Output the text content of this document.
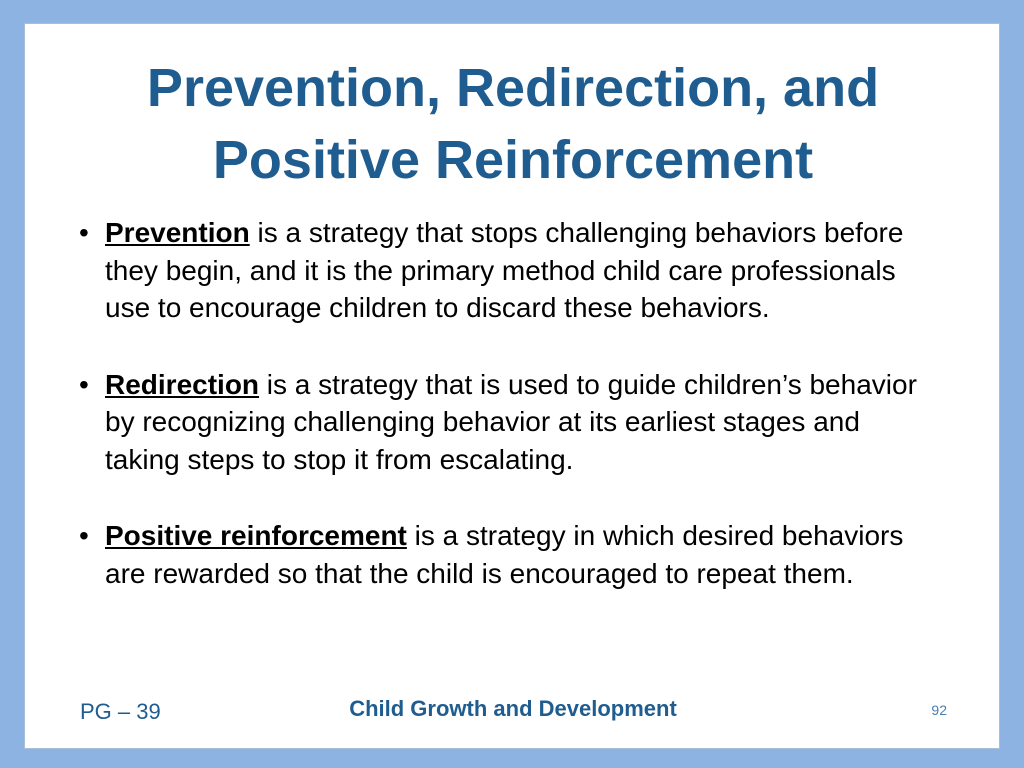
Prevention, Redirection, and
Positive Reinforcement
• Prevention is a strategy that stops challenging behaviors before they begin, and it is the primary method child care professionals use to encourage children to discard these behaviors.
• Redirection is a strategy that is used to guide children’s behavior by recognizing challenging behavior at its earliest stages and taking steps to stop it from escalating.
• Positive reinforcement is a strategy in which desired behaviors are rewarded so that the child is encouraged to repeat them.
PG – 39	Child Growth and Development	92
